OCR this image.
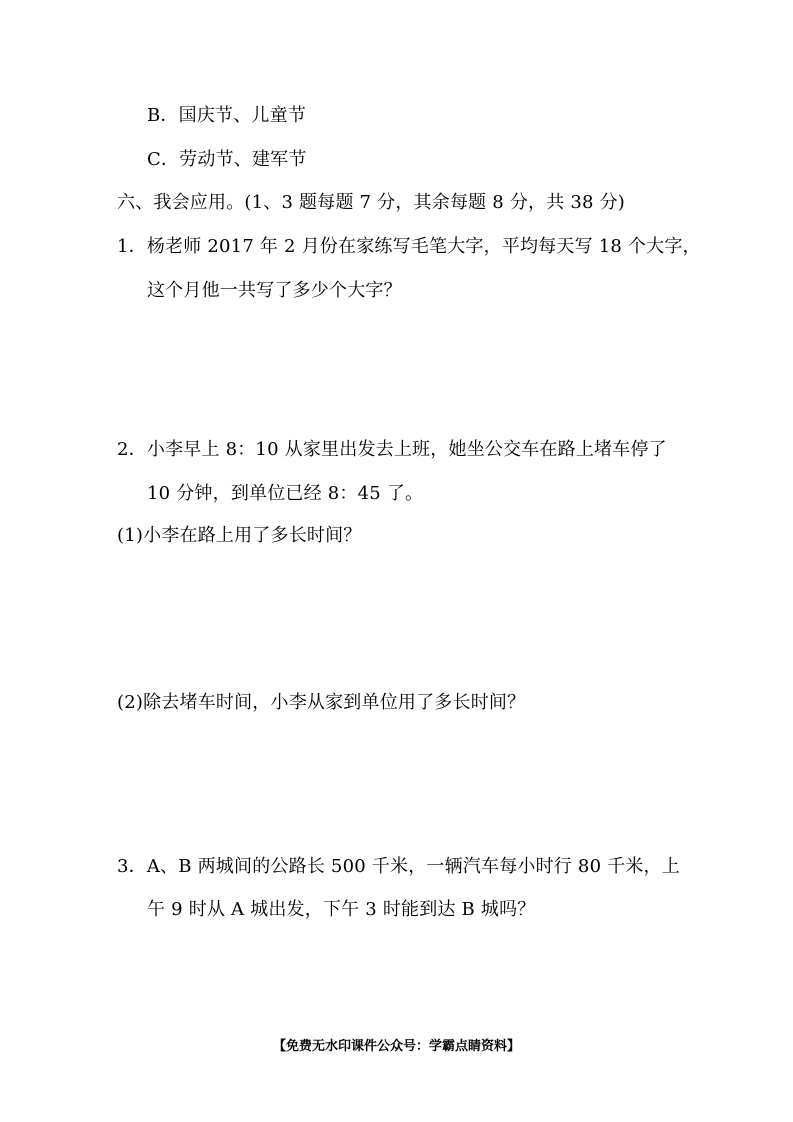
B．国庆节、儿童节
C．劳动节、建军节
六、我会应用。(1、3 题每题 7 分，其余每题 8 分，共 38 分)
1．杨老师 2017 年 2 月份在家练写毛笔大字，平均每天写 18 个大字，
这个月他一共写了多少个大字？
2．小李早上 8：10 从家里出发去上班，她坐公交车在路上堵车停了
10 分钟，到单位已经 8：45 了。
(1)小李在路上用了多长时间？
(2)除去堵车时间，小李从家到单位用了多长时间？
3．A、B 两城间的公路长 500 千米，一辆汽车每小时行 80 千米，上
午 9 时从 A 城出发，下午 3 时能到达 B 城吗？
【免费无水印课件公众号：学霸点睛资料】
